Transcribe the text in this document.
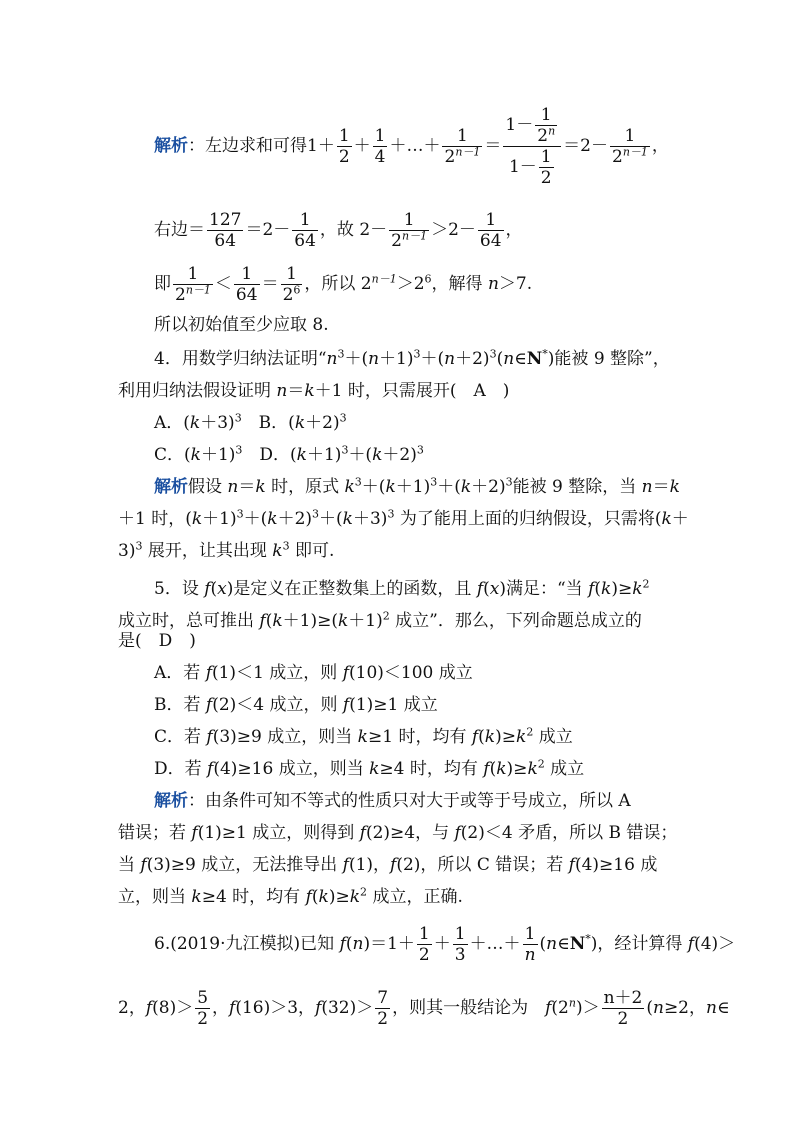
解析：左边求和可得$1+ \frac{1}{2} + \frac{1}{4}$ ＋…＋ $\frac{1}{2^{n-1}} = \frac{1- \frac{1}{2^n}}{1- \frac{1}{2}} =2- \frac{1}{2^{n-1}}$ ，
右边＝ $\frac{127}{64} =2- \frac{1}{64}$ ，故 $2- \frac{1}{2^{n-1}} >2- \frac{1}{64}$ ，
即 $\frac{1}{2^{n-1}} < \frac{1}{64} = \frac{1}{2^6}$ ，所以 $2^{n-1}>2^6$，解得 n＞7.
所以初始值至少应取 8.
4．用数学归纳法证明“$n^3+(n+1)^3+(n+2)^3(n\in N^*)$能被 9 整除”，
利用归纳法假设证明 n＝k＋1 时，只需展开(　A　)
A．$(k+3)^3$　B．$(k+2)^3$
C．$(k+1)^3$　D．$(k+1)^3+(k+2)^3$
解析假设 n＝k 时，原式 $k^3+(k+1)^3+(k+2)^3$能被 9 整除，当 n＝k
＋1 时，$(k+1)^3+(k+2)^3+(k+3)^3$ 为了能用上面的归纳假设，只需将(k＋
3)$^3$ 展开，让其出现 $k^3$ 即可.
5．设 f(x)是定义在正整数集上的函数，且 f(x)满足：“当 $f(k)\ge k^2$
成立时，总可推出 $f(k+1)\ge(k+1)^2$ 成立”．那么，下列命题总成立的
是(　D　)
A．若 f(1)＜1 成立，则 f(10)＜100 成立
B．若 f(2)＜4 成立，则 f(1)≥1 成立
C．若 f(3)≥9 成立，则当 k≥1 时，均有 $f(k)\ge k^2$ 成立
D．若 f(4)≥16 成立，则当 k≥4 时，均有 $f(k)\ge k^2$ 成立
解析：由条件可知不等式的性质只对大于或等于号成立，所以 A
错误；若 f(1)≥1 成立，则得到 f(2)≥4，与 f(2)＜4 矛盾，所以 B 错误；
当 f(3)≥9 成立，无法推导出 f(1)，f(2)，所以 C 错误；若 f(4)≥16 成
立，则当 k≥4 时，均有 $f(k)\ge k^2$ 成立，正确.
6.(2019·九江模拟)已知 $f(n)=1+ \frac{1}{2} + \frac{1}{3}$ ＋…＋ $\frac{1}{n}$ (n∈N*)，经计算得 f(4)＞
2，$f(8)> \frac{5}{2}$ ，f(16)＞3，$f(32)> \frac{7}{2}$ ，则其一般结论为　$f(2^n)> \frac{n+2}{2} (n\ge 2$，n∈
